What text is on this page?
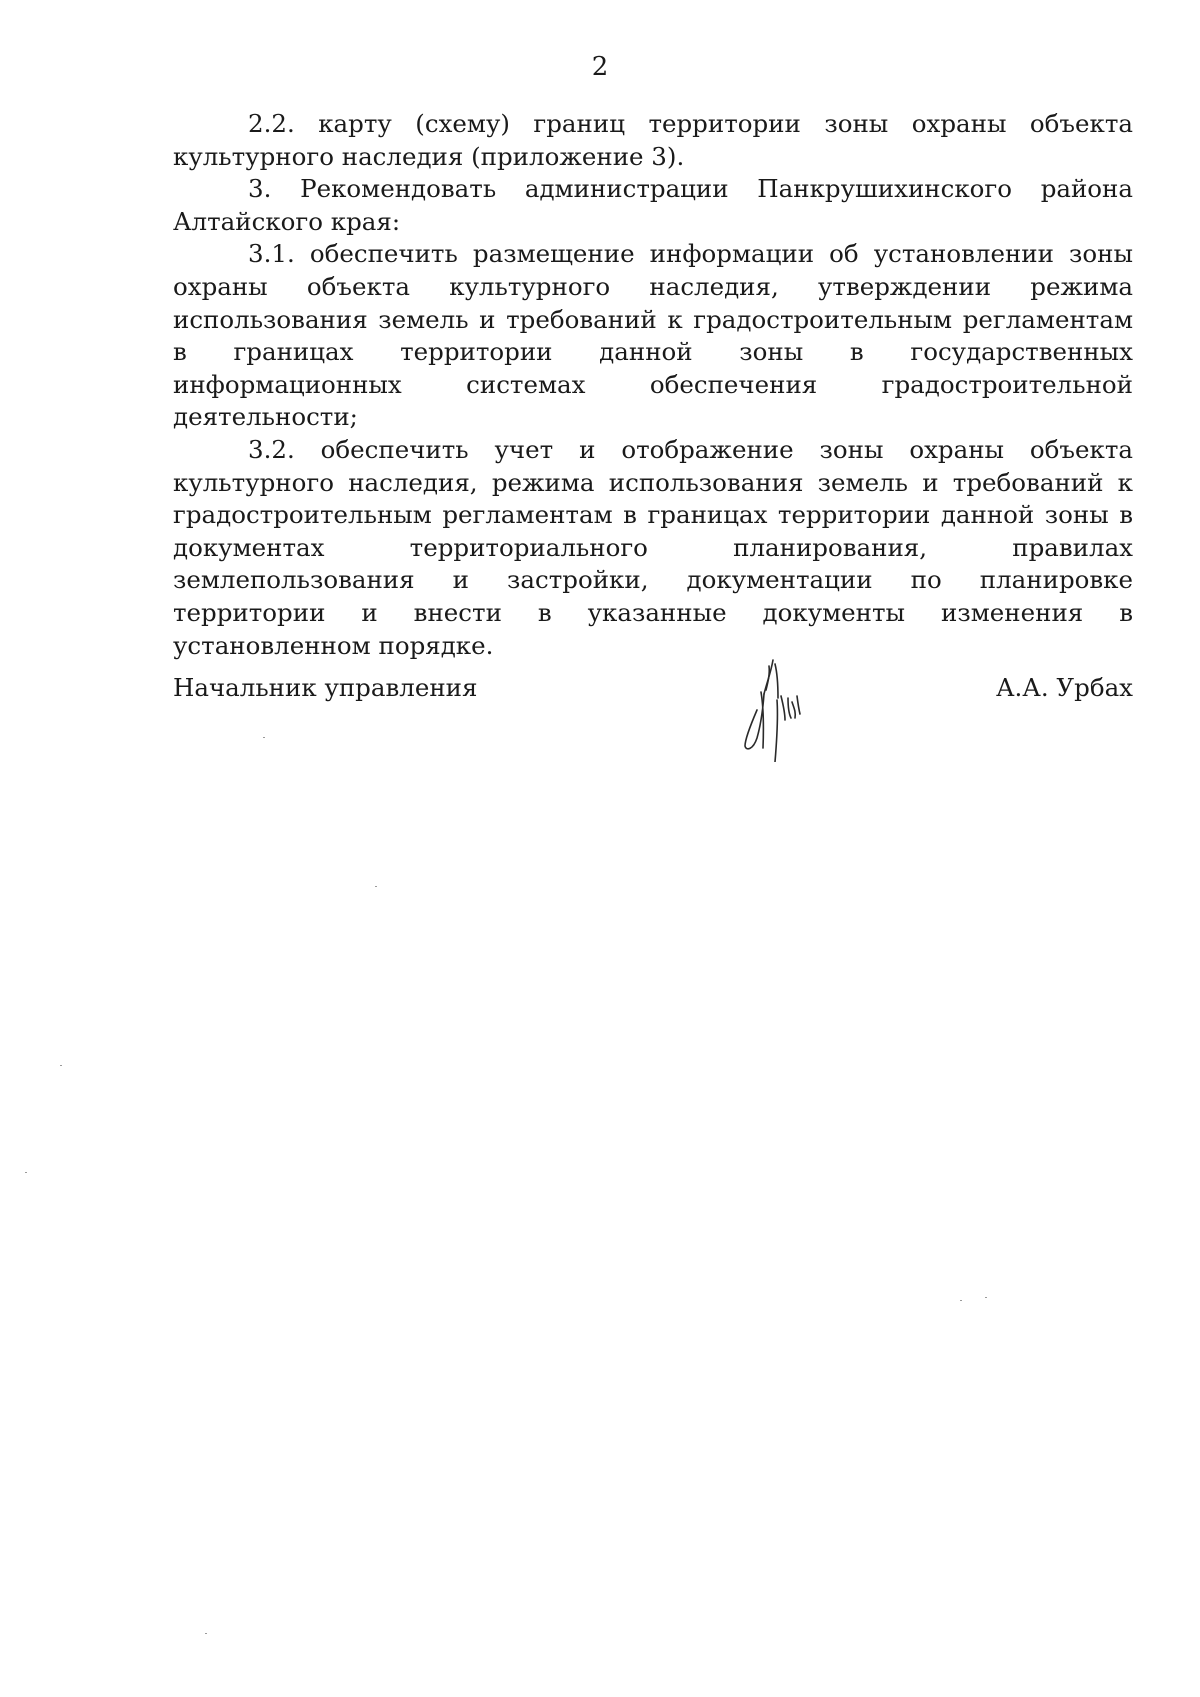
2

2.2. карту (схему) границ территории зоны охраны объекта культурного наследия (приложение 3).

3. Рекомендовать администрации Панкрушихинского района Алтайского края:

3.1. обеспечить размещение информации об установлении зоны охраны объекта культурного наследия, утверждении режима использования земель и требований к градостроительным регламентам в границах территории данной зоны в государственных информационных системах обеспечения градостроительной деятельности;

3.2. обеспечить учет и отображение зоны охраны объекта культурного наследия, режима использования земель и требований к градостроительным регламентам в границах территории данной зоны в документах территориального планирования, правилах землепользования и застройки, документации по планировке территории и внести в указанные документы изменения в установленном порядке.

Начальник управления	А.А. Урбах
